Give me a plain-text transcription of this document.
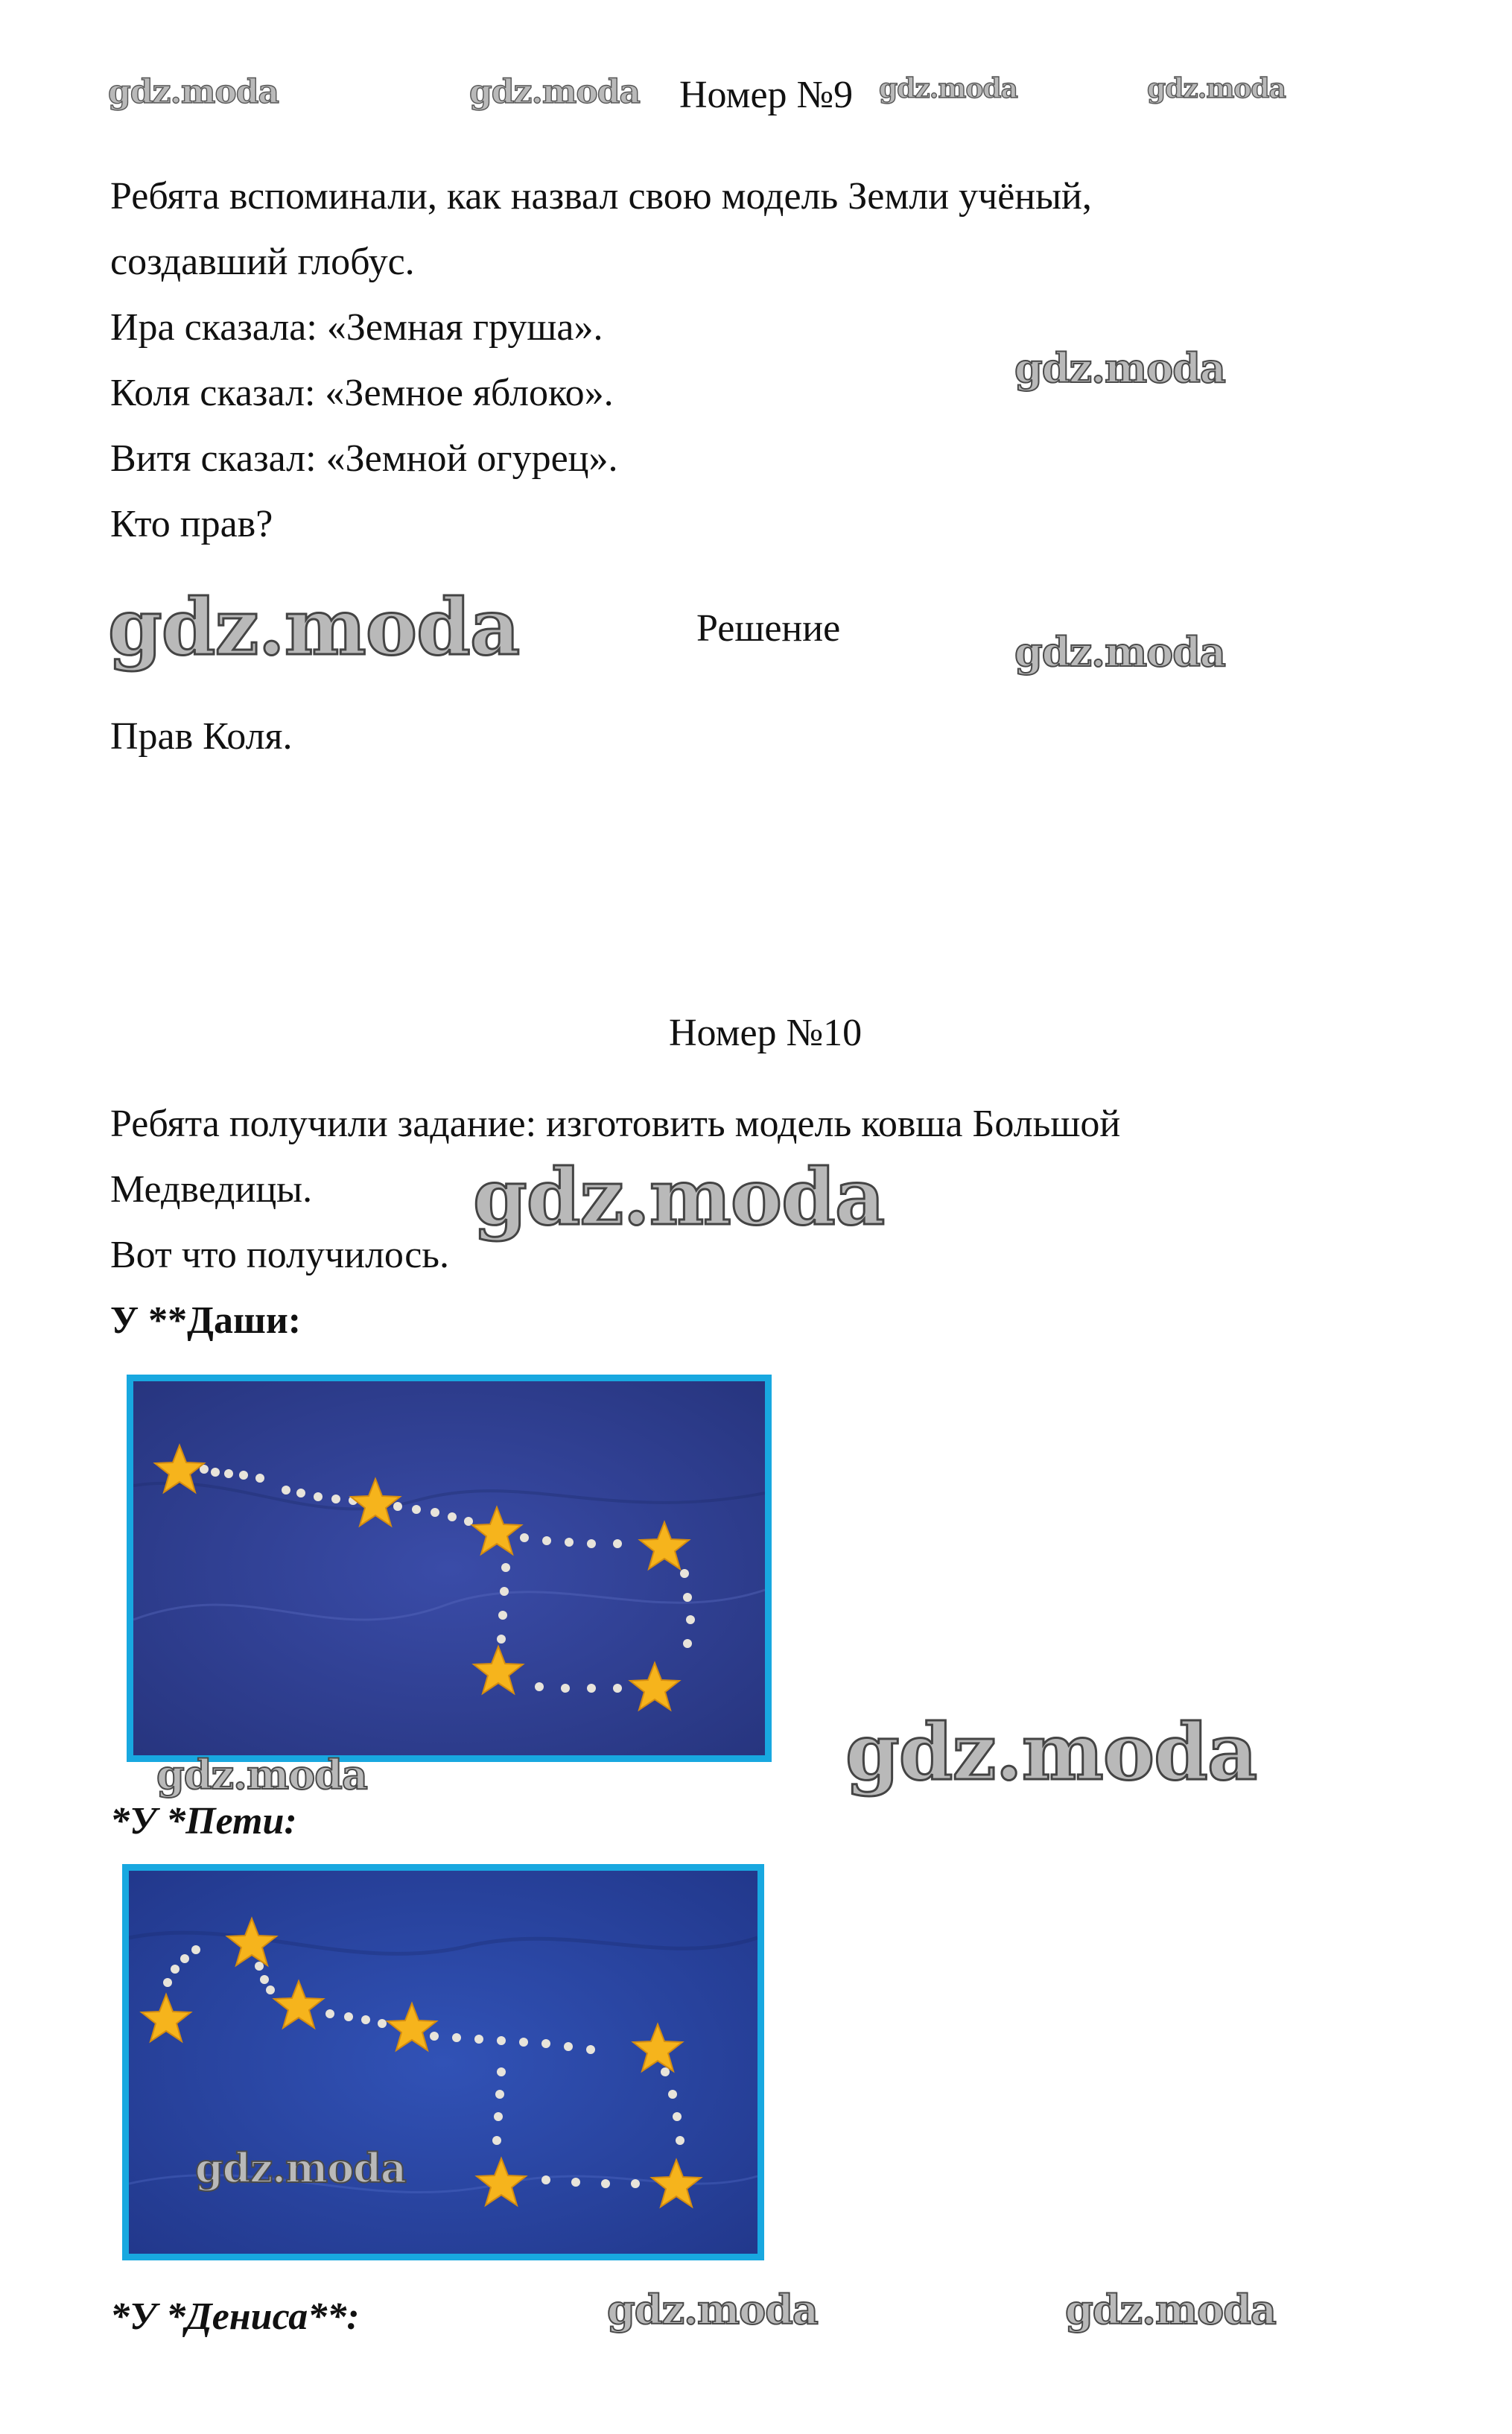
gdz.moda	gdz.moda	gdz.moda	gdz.moda
Номер №9
Ребята вспоминали, как назвал свою модель Земли учёный,
создавший глобус.
Ира сказала: «Земная груша».
Коля сказал: «Земное яблоко».
Витя сказал: «Земной огурец».
Кто прав?
gdz.moda
gdz.moda	Решение	gdz.moda
Прав Коля.
Номер №10
Ребята получили задание: изготовить модель ковша Большой
Медведицы. gdz.moda
Вот что получилось.
У **Даши:
gdz.moda	gdz.moda
*У *Пети:
gdz.moda
*У *Дениса**:	gdz.moda	gdz.moda
